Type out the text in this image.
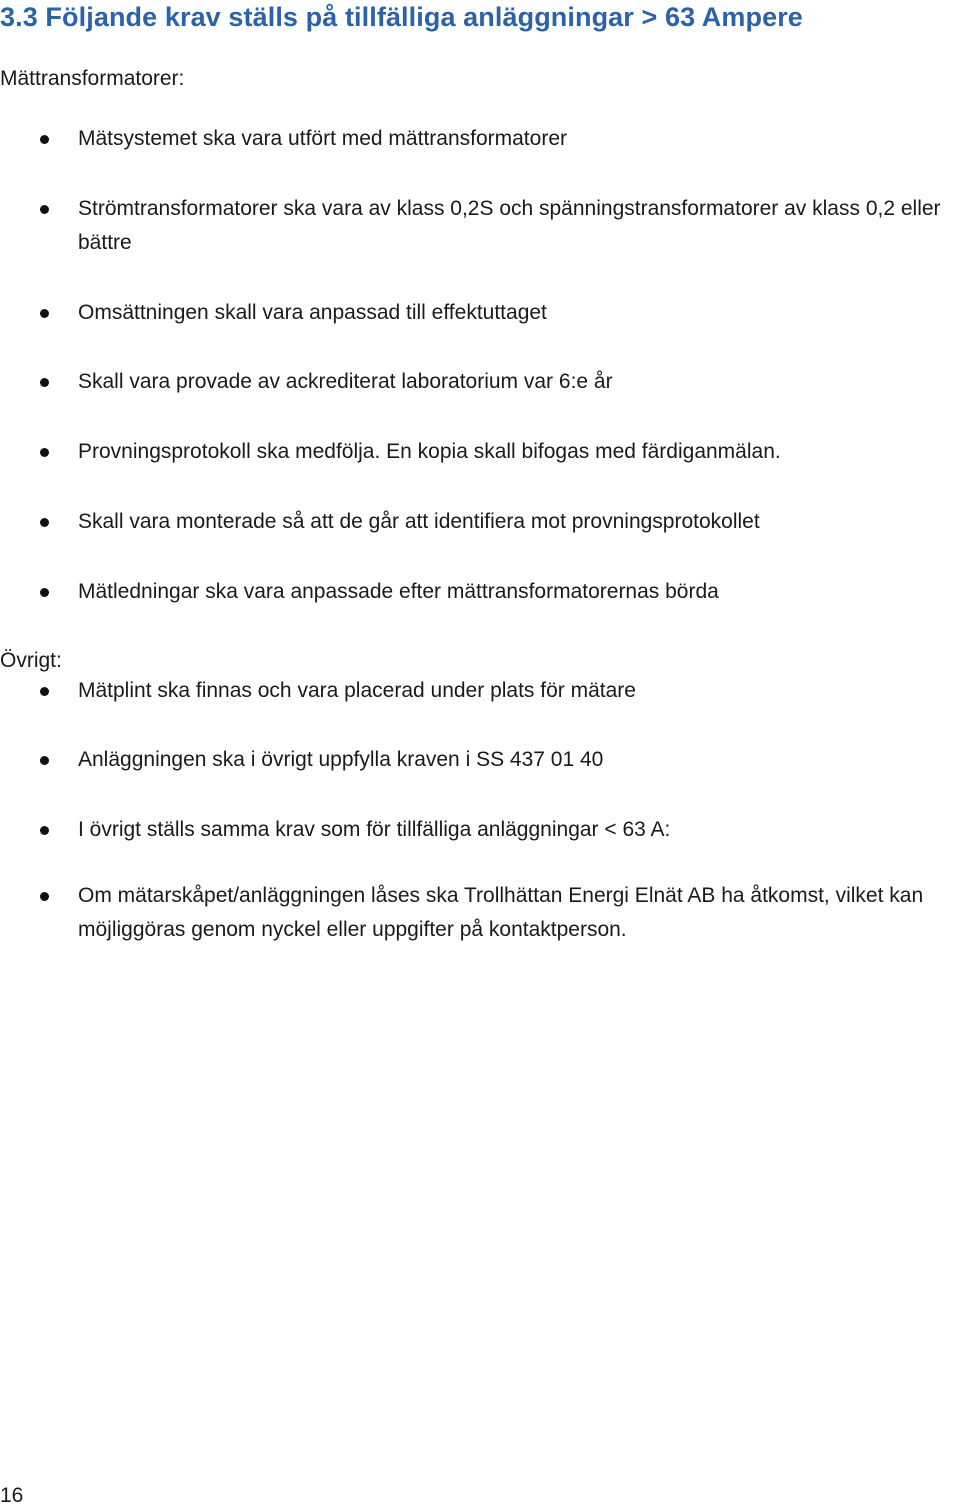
3.3 Följande krav ställs på tillfälliga anläggningar > 63 Ampere
Mättransformatorer:
Mätsystemet ska vara utfört med mättransformatorer
Strömtransformatorer ska vara av klass 0,2S och spänningstransformatorer av klass 0,2 eller bättre
Omsättningen skall vara anpassad till effektuttaget
Skall vara provade av ackrediterat laboratorium var 6:e år
Provningsprotokoll ska medfölja. En kopia skall bifogas med färdiganmälan.
Skall vara monterade så att de går att identifiera mot provningsprotokollet
Mätledningar ska vara anpassade efter mättransformatorernas börda
Övrigt:
Mätplint ska finnas och vara placerad under plats för mätare
Anläggningen ska i övrigt uppfylla kraven i SS 437 01 40
I övrigt ställs samma krav som för tillfälliga anläggningar < 63 A:
Om mätarskåpet/anläggningen låses ska Trollhättan Energi Elnät AB ha åtkomst, vilket kan möjliggöras genom nyckel eller uppgifter på kontaktperson.
16
